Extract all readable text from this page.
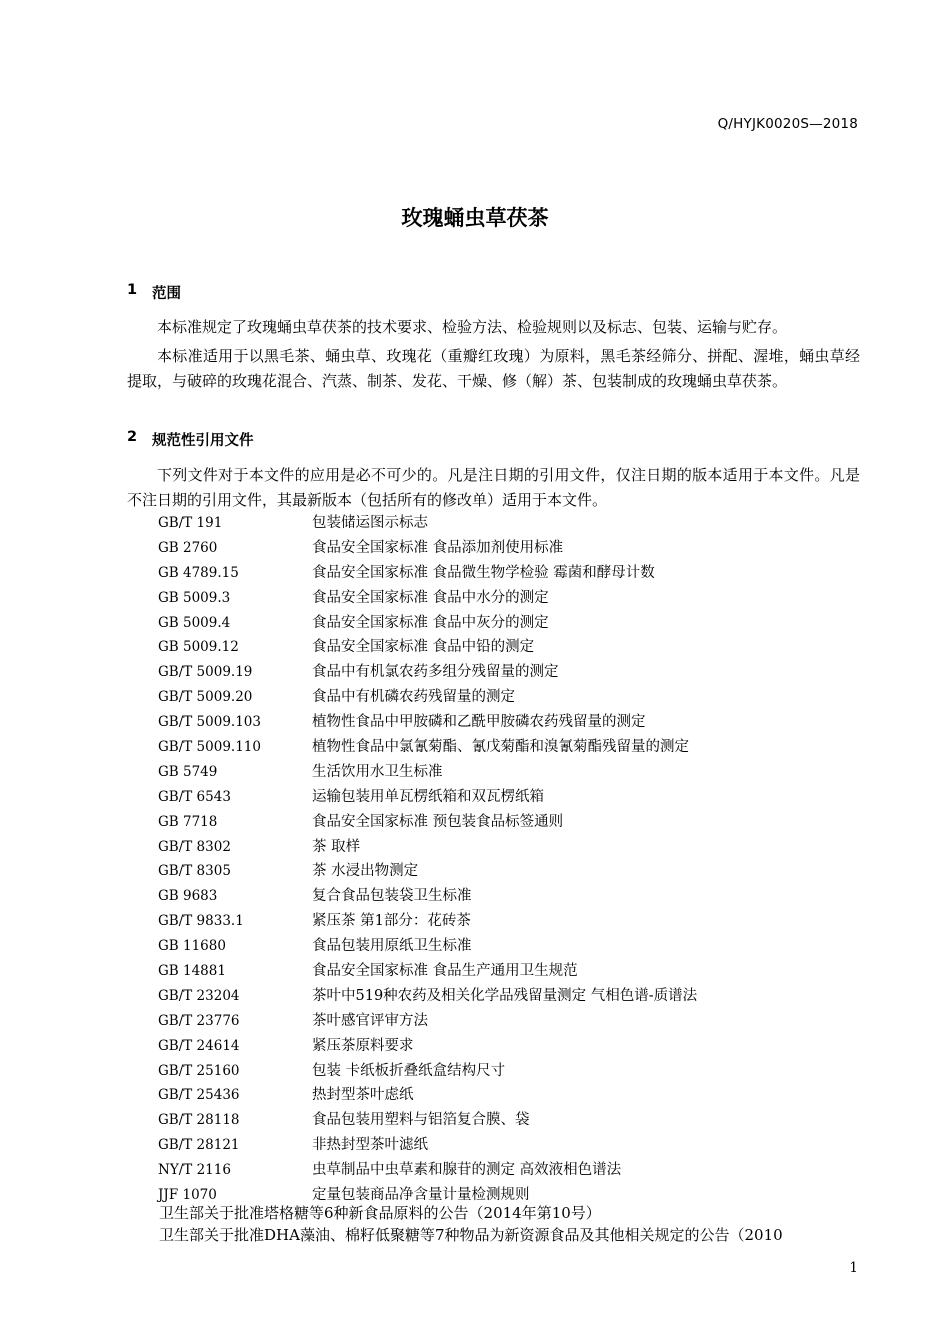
Q/HYJK0020S—2018
玫瑰蛹虫草茯茶
1	范围

本标准规定了玫瑰蛹虫草茯茶的技术要求、检验方法、检验规则以及标志、包装、运输与贮存。

本标准适用于以黑毛茶、蛹虫草、玫瑰花（重瓣红玫瑰）为原料，黑毛茶经筛分、拼配、渥堆，蛹虫草经提取，与破碎的玫瑰花混合、汽蒸、制茶、发花、干燥、修（解）茶、包装制成的玫瑰蛹虫草茯茶。

2	规范性引用文件

下列文件对于本文件的应用是必不可少的。凡是注日期的引用文件，仅注日期的版本适用于本文件。凡是不注日期的引用文件，其最新版本（包括所有的修改单）适用于本文件。

GB/T 191	包装储运图示标志
GB 2760	食品安全国家标准 食品添加剂使用标准
GB 4789.15	食品安全国家标准 食品微生物学检验 霉菌和酵母计数
GB 5009.3	食品安全国家标准 食品中水分的测定
GB 5009.4	食品安全国家标准 食品中灰分的测定
GB 5009.12	食品安全国家标准 食品中铅的测定
GB/T 5009.19	食品中有机氯农药多组分残留量的测定
GB/T 5009.20	食品中有机磷农药残留量的测定
GB/T 5009.103	植物性食品中甲胺磷和乙酰甲胺磷农药残留量的测定
GB/T 5009.110	植物性食品中氯氰菊酯、氰戊菊酯和溴氰菊酯残留量的测定
GB 5749	生活饮用水卫生标准
GB/T 6543	运输包装用单瓦楞纸箱和双瓦楞纸箱
GB 7718	食品安全国家标准 预包装食品标签通则
GB/T 8302	茶 取样
GB/T 8305	茶 水浸出物测定
GB 9683	复合食品包装袋卫生标准
GB/T 9833.1	紧压茶 第1部分：花砖茶
GB 11680	食品包装用原纸卫生标准
GB 14881	食品安全国家标准 食品生产通用卫生规范
GB/T 23204	茶叶中519种农药及相关化学品残留量测定 气相色谱-质谱法
GB/T 23776	茶叶感官评审方法
GB/T 24614	紧压茶原料要求
GB/T 25160	包装 卡纸板折叠纸盒结构尺寸
GB/T 25436	热封型茶叶虑纸
GB/T 28118	食品包装用塑料与铝箔复合膜、袋
GB/T 28121	非热封型茶叶滤纸
NY/T 2116	虫草制品中虫草素和腺苷的测定 高效液相色谱法
JJF 1070	定量包装商品净含量计量检测规则
卫生部关于批准塔格糖等6种新食品原料的公告（2014年第10号）
卫生部关于批准DHA藻油、棉籽低聚糖等7种物品为新资源食品及其他相关规定的公告（2010
1
